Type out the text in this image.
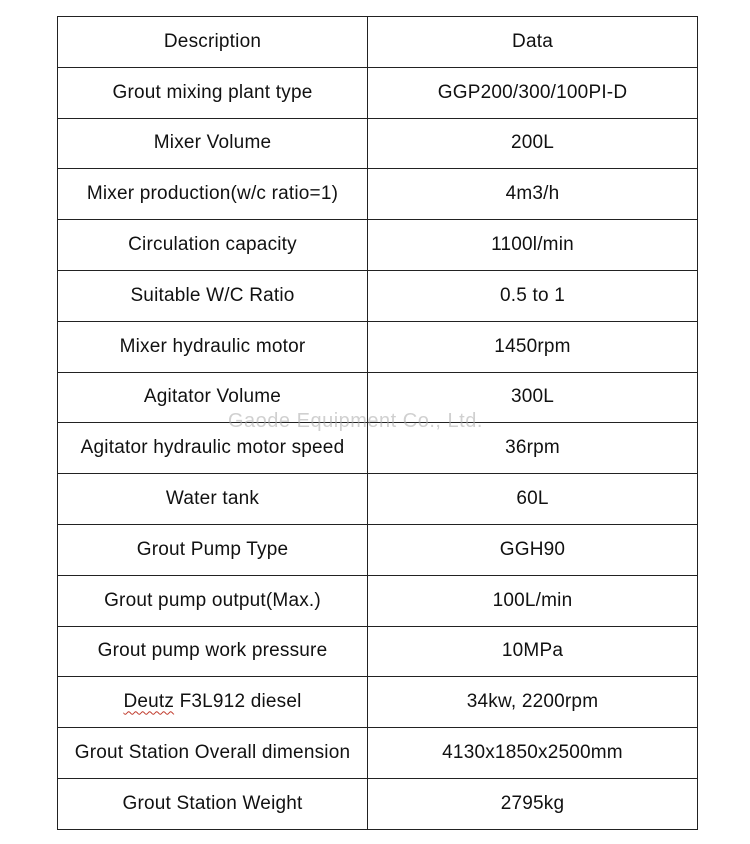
Description	Data
Grout mixing plant type	GGP200/300/100PI-D
Mixer Volume	200L
Mixer production(w/c ratio=1)	4m3/h
Circulation capacity	1100l/min
Suitable W/C Ratio	0.5 to 1
Mixer hydraulic motor	1450rpm
Agitator Volume	300L
Agitator hydraulic motor speed	36rpm
Water tank	60L
Grout Pump Type	GGH90
Grout pump output(Max.)	100L/min
Grout pump work pressure	10MPa
Deutz F3L912 diesel	34kw, 2200rpm
Grout Station Overall dimension	4130x1850x2500mm
Grout Station Weight	2795kg
Gaode Equipment Co., Ltd.
